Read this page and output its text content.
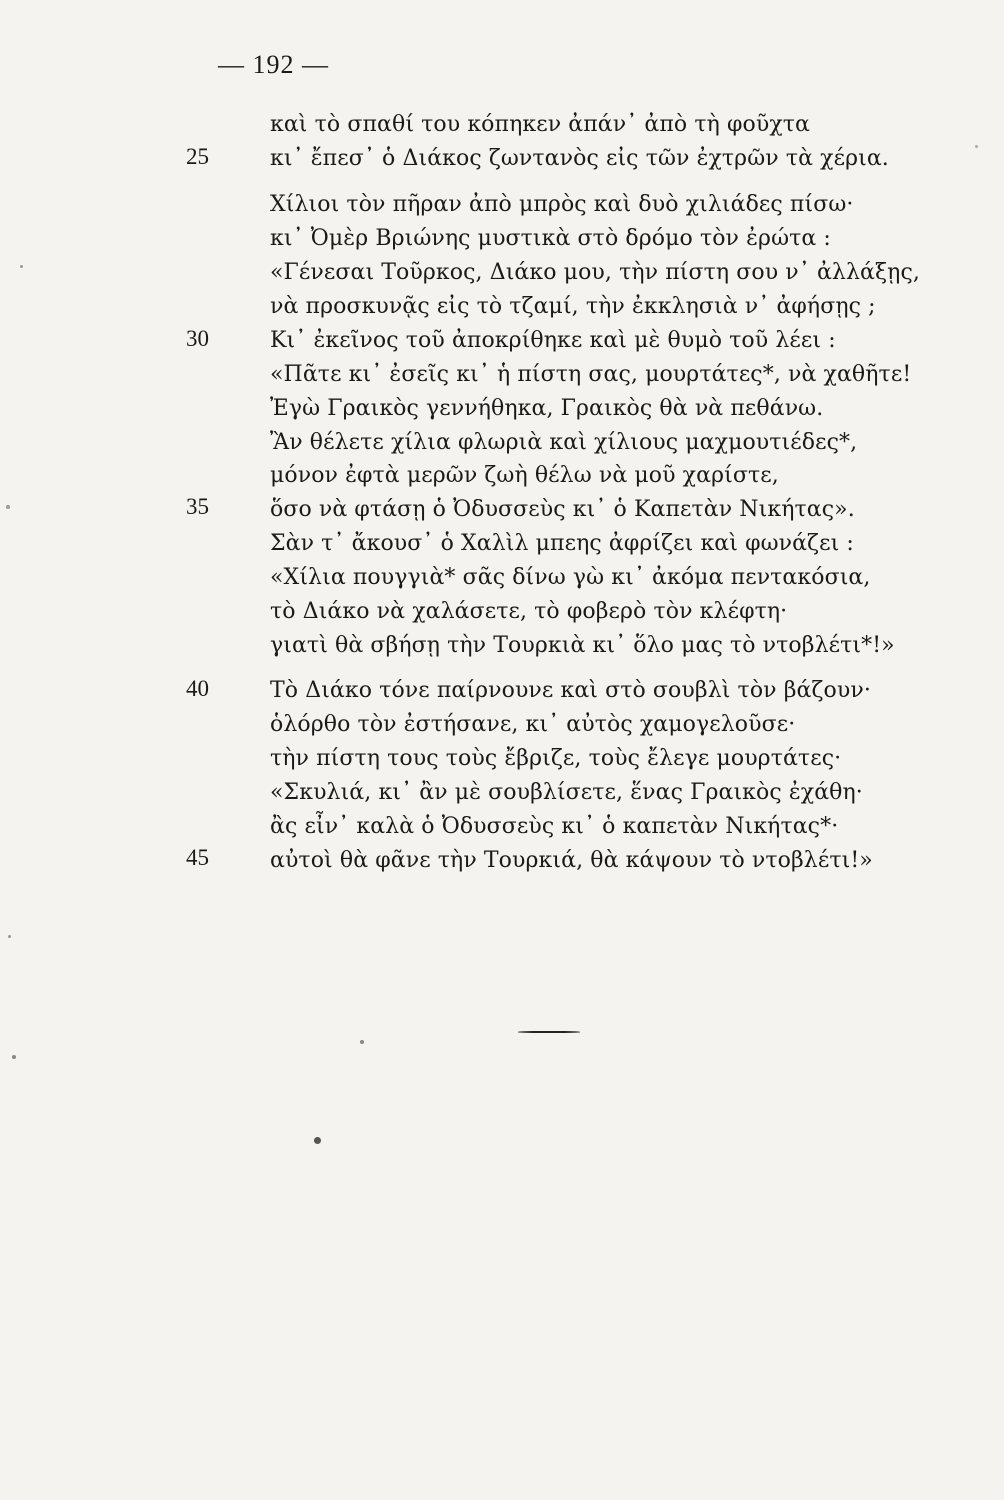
— 192 —
25
30
35
40
45
καὶ τὸ σπαθί του κόπηκεν ἀπάν᾿ ἀπὸ τὴ φοῦχτα
κι᾿ ἔπεσ᾿ ὁ Διάκος ζωντανὸς εἰς τῶν ἐχτρῶν τὰ χέρια.
Χίλιοι τὸν πῆραν ἀπὸ μπρὸς καὶ δυὸ χιλιάδες πίσω·
κι᾿ Ὀμὲρ Βριώνης μυστικὰ στὸ δρόμο τὸν ἐρώτα :
«Γένεσαι Τοῦρκος, Διάκο μου, τὴν πίστη σου ν᾿ ἀλλάξῃς,
νὰ προσκυνᾷς εἰς τὸ τζαμί, τὴν ἐκκλησιὰ ν᾿ ἀφήσῃς ;
Κι᾿ ἐκεῖνος τοῦ ἀποκρίθηκε καὶ μὲ θυμὸ τοῦ λέει :
«Πᾶτε κι᾿ ἐσεῖς κι᾿ ἡ πίστη σας, μουρτάτες*, νὰ χαθῆτε!
Ἐγὼ Γραικὸς γεννήθηκα, Γραικὸς θὰ νὰ πεθάνω.
Ἂν θέλετε χίλια φλωριὰ καὶ χίλιους μαχμουτιέδες*,
μόνον ἐφτὰ μερῶν ζωὴ θέλω νὰ μοῦ χαρίστε,
ὅσο νὰ φτάσῃ ὁ Ὀδυσσεὺς κι᾿ ὁ Καπετὰν Νικήτας».
Σὰν τ᾿ ἄκουσ᾿ ὁ Χαλὶλ μπεης ἀφρίζει καὶ φωνάζει :
«Χίλια πουγγιὰ* σᾶς δίνω γὼ κι᾿ ἀκόμα πεντακόσια,
τὸ Διάκο νὰ χαλάσετε, τὸ φοβερὸ τὸν κλέφτη·
γιατὶ θὰ σβήσῃ τὴν Τουρκιὰ κι᾿ ὅλο μας τὸ ντοβλέτι*!»
Τὸ Διάκο τόνε παίρνουνε καὶ στὸ σουβλὶ τὸν βάζουν·
ὁλόρθο τὸν ἐστήσανε, κι᾿ αὐτὸς χαμογελοῦσε·
τὴν πίστη τους τοὺς ἔβριζε, τοὺς ἔλεγε μουρτάτες·
«Σκυλιά, κι᾿ ἂν μὲ σουβλίσετε, ἕνας Γραικὸς ἐχάθη·
ἂς εἶν᾿ καλὰ ὁ Ὀδυσσεὺς κι᾿ ὁ καπετὰν Νικήτας*·
αὐτοὶ θὰ φᾶνε τὴν Τουρκιά, θὰ κάψουν τὸ ντοβλέτι!»
